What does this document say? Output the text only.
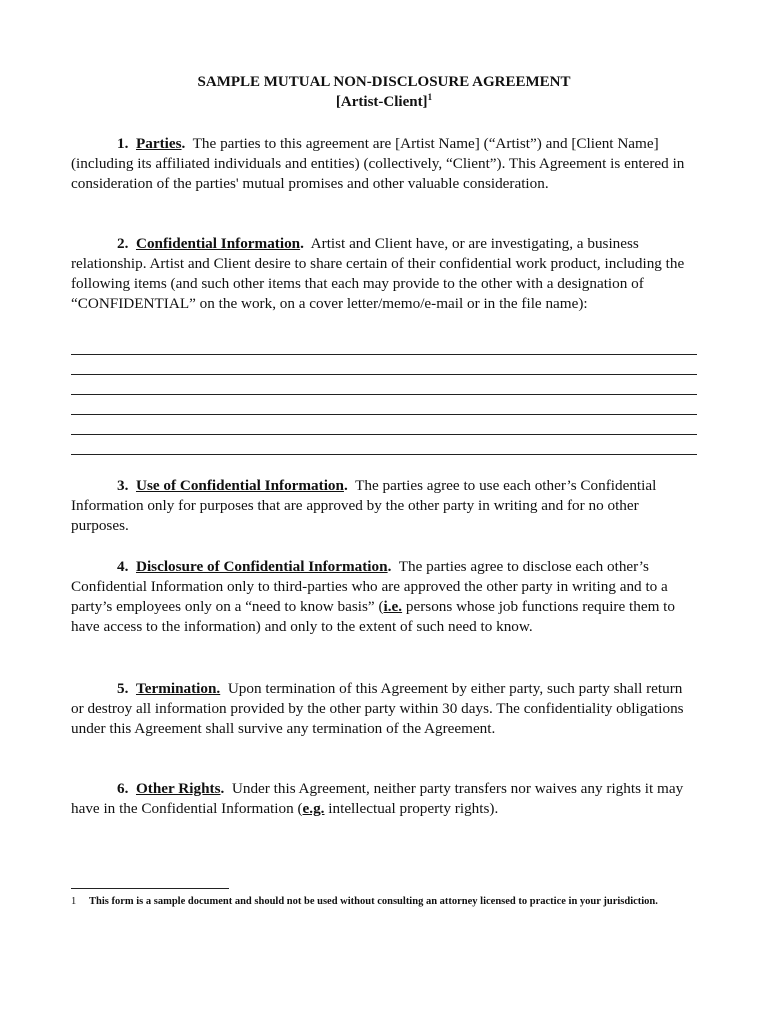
SAMPLE MUTUAL NON-DISCLOSURE AGREEMENT
[Artist-Client]$^1$

1. Parties. The parties to this agreement are [Artist Name] (“Artist”) and [Client Name] (including its affiliated individuals and entities) (collectively, “Client”). This Agreement is entered in consideration of the parties' mutual promises and other valuable consideration.

2. Confidential Information. Artist and Client have, or are investigating, a business relationship. Artist and Client desire to share certain of their confidential work product, including the following items (and such other items that each may provide to the other with a designation of “CONFIDENTIAL” on the work, on a cover letter/memo/e-mail or in the file name):

3. Use of Confidential Information. The parties agree to use each other’s Confidential Information only for purposes that are approved by the other party in writing and for no other purposes.

4. Disclosure of Confidential Information. The parties agree to disclose each other’s Confidential Information only to third-parties who are approved the other party in writing and to a party’s employees only on a “need to know basis” (i.e. persons whose job functions require them to have access to the information) and only to the extent of such need to know.

5. Termination. Upon termination of this Agreement by either party, such party shall return or destroy all information provided by the other party within 30 days. The confidentiality obligations under this Agreement shall survive any termination of the Agreement.

6. Other Rights. Under this Agreement, neither party transfers nor waives any rights it may have in the Confidential Information (e.g. intellectual property rights).

1 This form is a sample document and should not be used without consulting an attorney licensed to practice in your jurisdiction.
